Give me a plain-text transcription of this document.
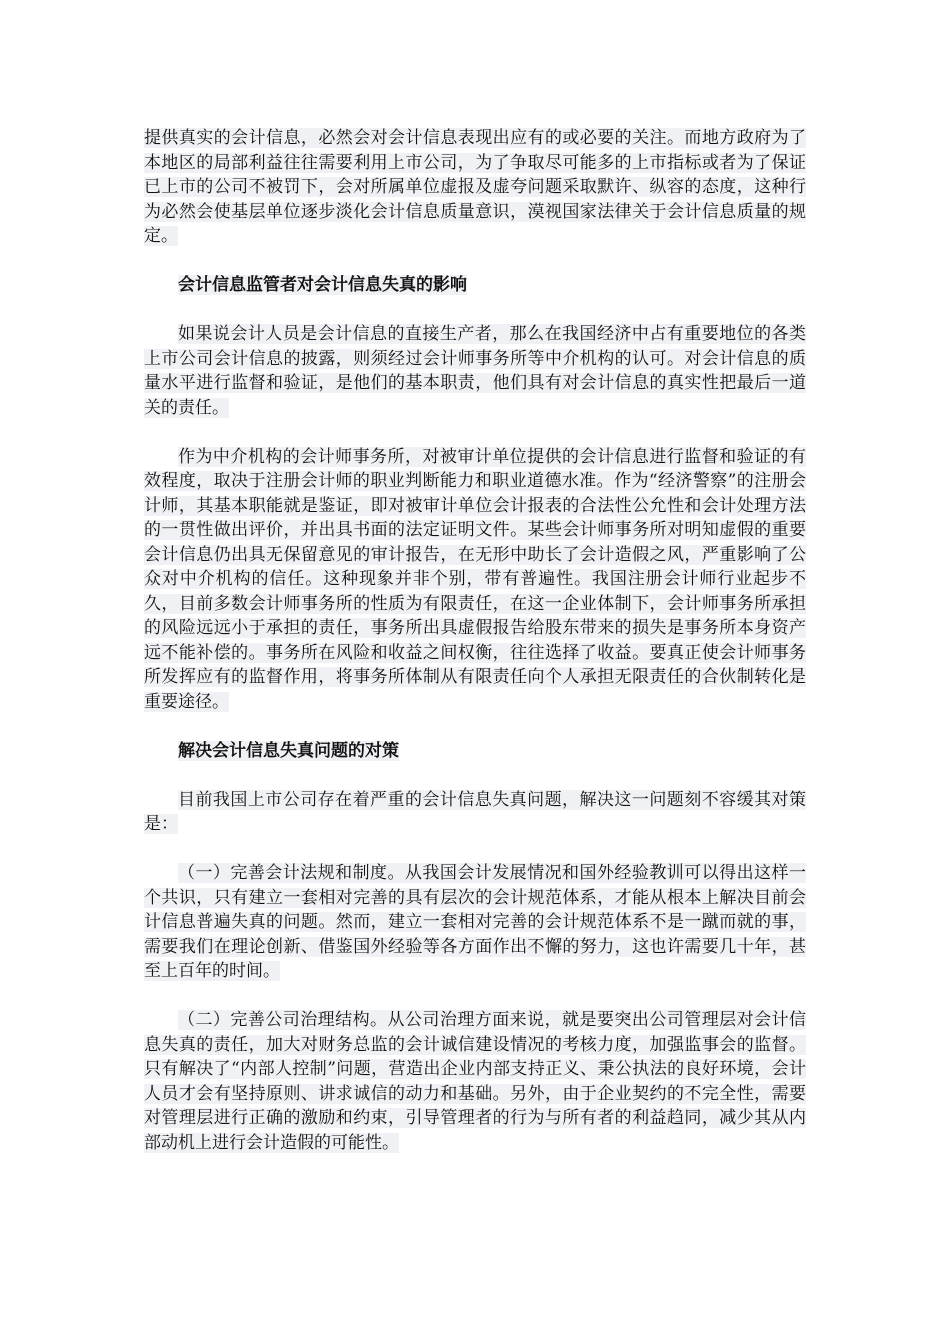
提供真实的会计信息，必然会对会计信息表现出应有的或必要的关注。而地方政府为了本地区的局部利益往往需要利用上市公司，为了争取尽可能多的上市指标或者为了保证已上市的公司不被罚下，会对所属单位虚报及虚夸问题采取默许、纵容的态度，这种行为必然会使基层单位逐步淡化会计信息质量意识，漠视国家法律关于会计信息质量的规定。

会计信息监管者对会计信息失真的影响

如果说会计人员是会计信息的直接生产者，那么在我国经济中占有重要地位的各类上市公司会计信息的披露，则须经过会计师事务所等中介机构的认可。对会计信息的质量水平进行监督和验证，是他们的基本职责，他们具有对会计信息的真实性把最后一道关的责任。

作为中介机构的会计师事务所，对被审计单位提供的会计信息进行监督和验证的有效程度，取决于注册会计师的职业判断能力和职业道德水准。作为“经济警察”的注册会计师，其基本职能就是鉴证，即对被审计单位会计报表的合法性公允性和会计处理方法的一贯性做出评价，并出具书面的法定证明文件。某些会计师事务所对明知虚假的重要会计信息仍出具无保留意见的审计报告，在无形中助长了会计造假之风，严重影响了公众对中介机构的信任。这种现象并非个别，带有普遍性。我国注册会计师行业起步不久，目前多数会计师事务所的性质为有限责任，在这一企业体制下，会计师事务所承担的风险远远小于承担的责任，事务所出具虚假报告给股东带来的损失是事务所本身资产远不能补偿的。事务所在风险和收益之间权衡，往往选择了收益。要真正使会计师事务所发挥应有的监督作用，将事务所体制从有限责任向个人承担无限责任的合伙制转化是重要途径。

解决会计信息失真问题的对策

目前我国上市公司存在着严重的会计信息失真问题，解决这一问题刻不容缓其对策是：

（一）完善会计法规和制度。从我国会计发展情况和国外经验教训可以得出这样一个共识，只有建立一套相对完善的具有层次的会计规范体系，才能从根本上解决目前会计信息普遍失真的问题。然而，建立一套相对完善的会计规范体系不是一蹴而就的事，需要我们在理论创新、借鉴国外经验等各方面作出不懈的努力，这也许需要几十年，甚至上百年的时间。

（二）完善公司治理结构。从公司治理方面来说，就是要突出公司管理层对会计信息失真的责任，加大对财务总监的会计诚信建设情况的考核力度，加强监事会的监督。只有解决了“内部人控制”问题，营造出企业内部支持正义、秉公执法的良好环境，会计人员才会有坚持原则、讲求诚信的动力和基础。另外，由于企业契约的不完全性，需要对管理层进行正确的激励和约束，引导管理者的行为与所有者的利益趋同，减少其从内部动机上进行会计造假的可能性。
